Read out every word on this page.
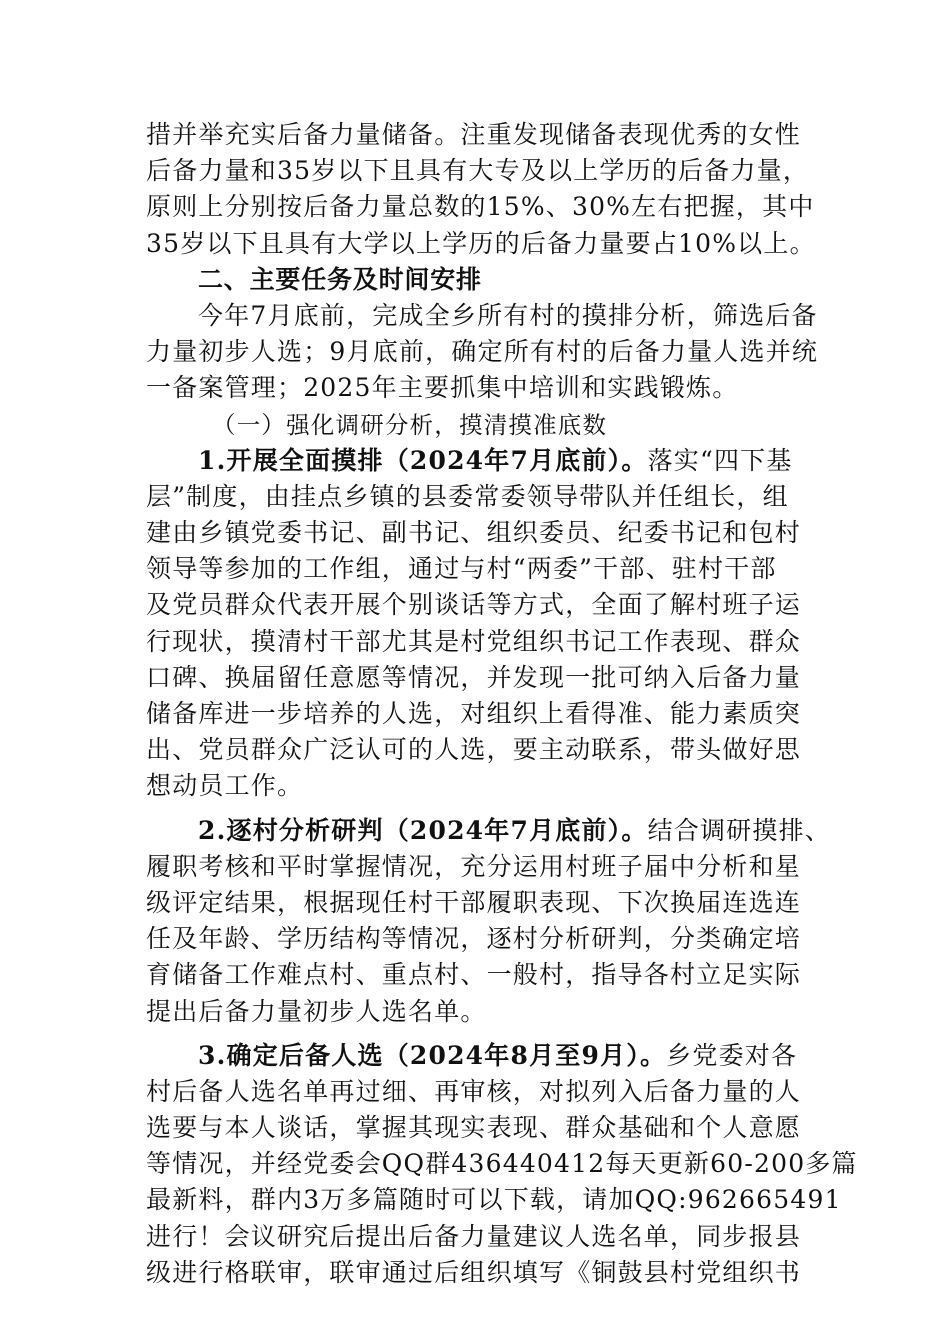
措并举充实后备力量储备。注重发现储备表现优秀的女性
后备力量和35岁以下且具有大专及以上学历的后备力量，
原则上分别按后备力量总数的15%、30%左右把握，其中
35岁以下且具有大学以上学历的后备力量要占10%以上。
二、主要任务及时间安排
今年7月底前，完成全乡所有村的摸排分析，筛选后备
力量初步人选；9月底前，确定所有村的后备力量人选并统
一备案管理；2025年主要抓集中培训和实践锻炼。
（一）强化调研分析，摸清摸准底数
1.开展全面摸排（2024年7月底前）。落实“四下基
层”制度，由挂点乡镇的县委常委领导带队并任组长，组
建由乡镇党委书记、副书记、组织委员、纪委书记和包村
领导等参加的工作组，通过与村“两委”干部、驻村干部
及党员群众代表开展个别谈话等方式，全面了解村班子运
行现状，摸清村干部尤其是村党组织书记工作表现、群众
口碑、换届留任意愿等情况，并发现一批可纳入后备力量
储备库进一步培养的人选，对组织上看得准、能力素质突
出、党员群众广泛认可的人选，要主动联系，带头做好思
想动员工作。
2.逐村分析研判（2024年7月底前）。结合调研摸排、
履职考核和平时掌握情况，充分运用村班子届中分析和星
级评定结果，根据现任村干部履职表现、下次换届连选连
任及年龄、学历结构等情况，逐村分析研判，分类确定培
育储备工作难点村、重点村、一般村，指导各村立足实际
提出后备力量初步人选名单。
3.确定后备人选（2024年8月至9月）。乡党委对各
村后备人选名单再过细、再审核，对拟列入后备力量的人
选要与本人谈话，掌握其现实表现、群众基础和个人意愿
等情况，并经党委会QQ群436440412每天更新60-200多篇
最新料，群内3万多篇随时可以下载，请加QQ:962665491
进行！会议研究后提出后备力量建议人选名单，同步报县
级进行格联审，联审通过后组织填写《铜鼓县村党组织书
